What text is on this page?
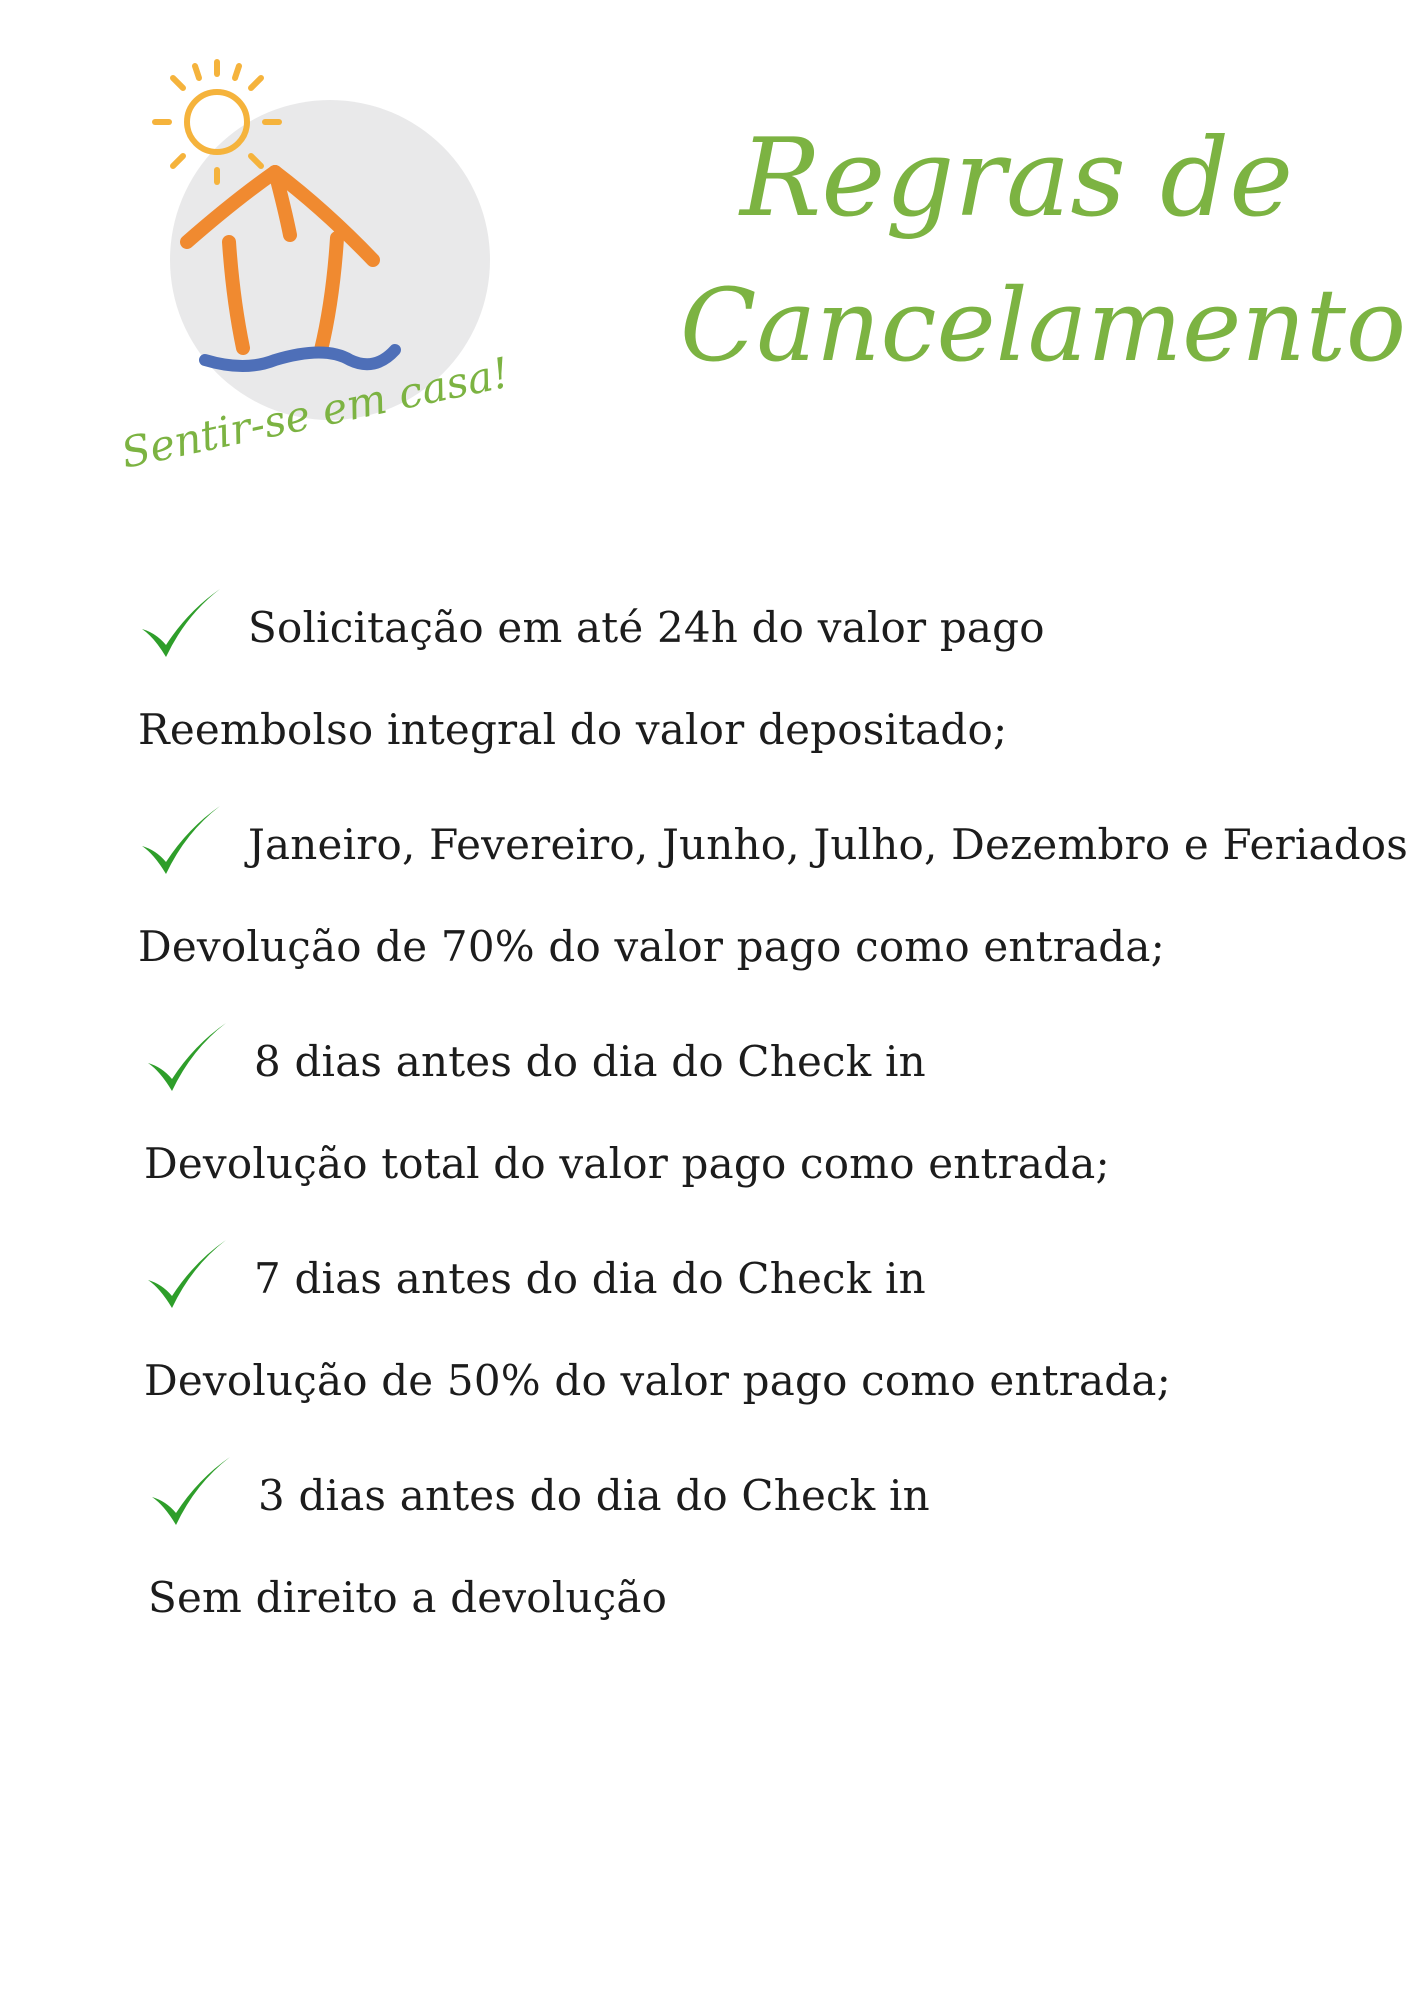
Sentir-se em casa!
Regras de
Cancelamento
Solicitação em até 24h do valor pago
Reembolso integral do valor depositado;
Janeiro, Fevereiro, Junho, Julho, Dezembro e Feriados
Devolução de 70% do valor pago como entrada;
8 dias antes do dia do Check in
Devolução total do valor pago como entrada;
7 dias antes do dia do Check in
Devolução de 50% do valor pago como entrada;
3 dias antes do dia do Check in
Sem direito a devolução
